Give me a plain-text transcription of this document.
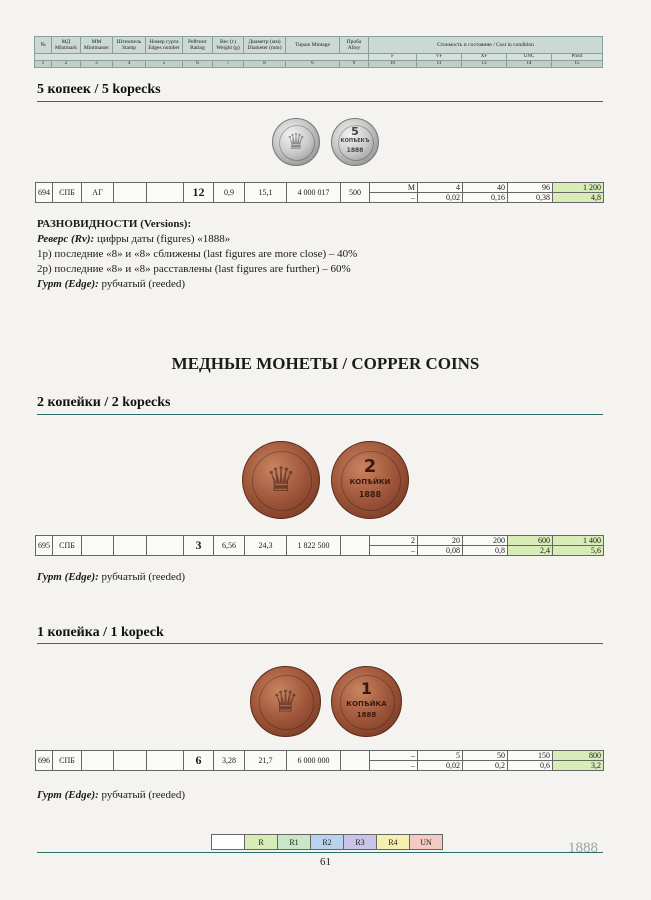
№	МД Mintmark	ММ Mintmaster	Штемпель Stamp	Номер гурта Edges number	Рейтинг Rating	Вес (г) Weight (g)	Диаметр (мм) Diameter (mm)	Тираж Mintage	Проба Alloy	Стоимость и состояние / Cost in condition				
										F	VF	XF	UNC	Proof
1	2	3	4	5	6	7	8	6	9	10	11	13	14	15
5 копеек / 5 kopecks
♛	5
КОПѢЕКЪ
1888
694	СПБ	АГ			12	0,9	15,1	4 000 017	500	М	4	40	96	1 200
										–	0,02	0,16	0,38	4,8
РАЗНОВИДНОСТИ (Versions):
Реверс (Rv): цифры даты (figures) «1888»
1р) последние «8» и «8» сближены (last figures are more close) – 40%
2р) последние «8» и «8» расставлены (last figures are further) – 60%
Гурт (Edge): рубчатый (reeded)
МЕДНЫЕ МОНЕТЫ / COPPER COINS
2 копейки / 2 kopecks
♛	2
КОПѢЙКИ
1888
695	СПБ				3	6,56	24,3	1 822 500		2	20	200	600	1 400
										–	0,08	0,8	2,4	5,6
Гурт (Edge): рубчатый (reeded)
1 копейка / 1 kopeck
♛	1
КОПѢЙКА
1888
696	СПБ				6	3,28	21,7	6 000 000		–	5	50	150	800
										–	0,02	0,2	0,6	3,2
Гурт (Edge): рубчатый (reeded)
	R	R1	R2	R3	R4	UN	1888
61
